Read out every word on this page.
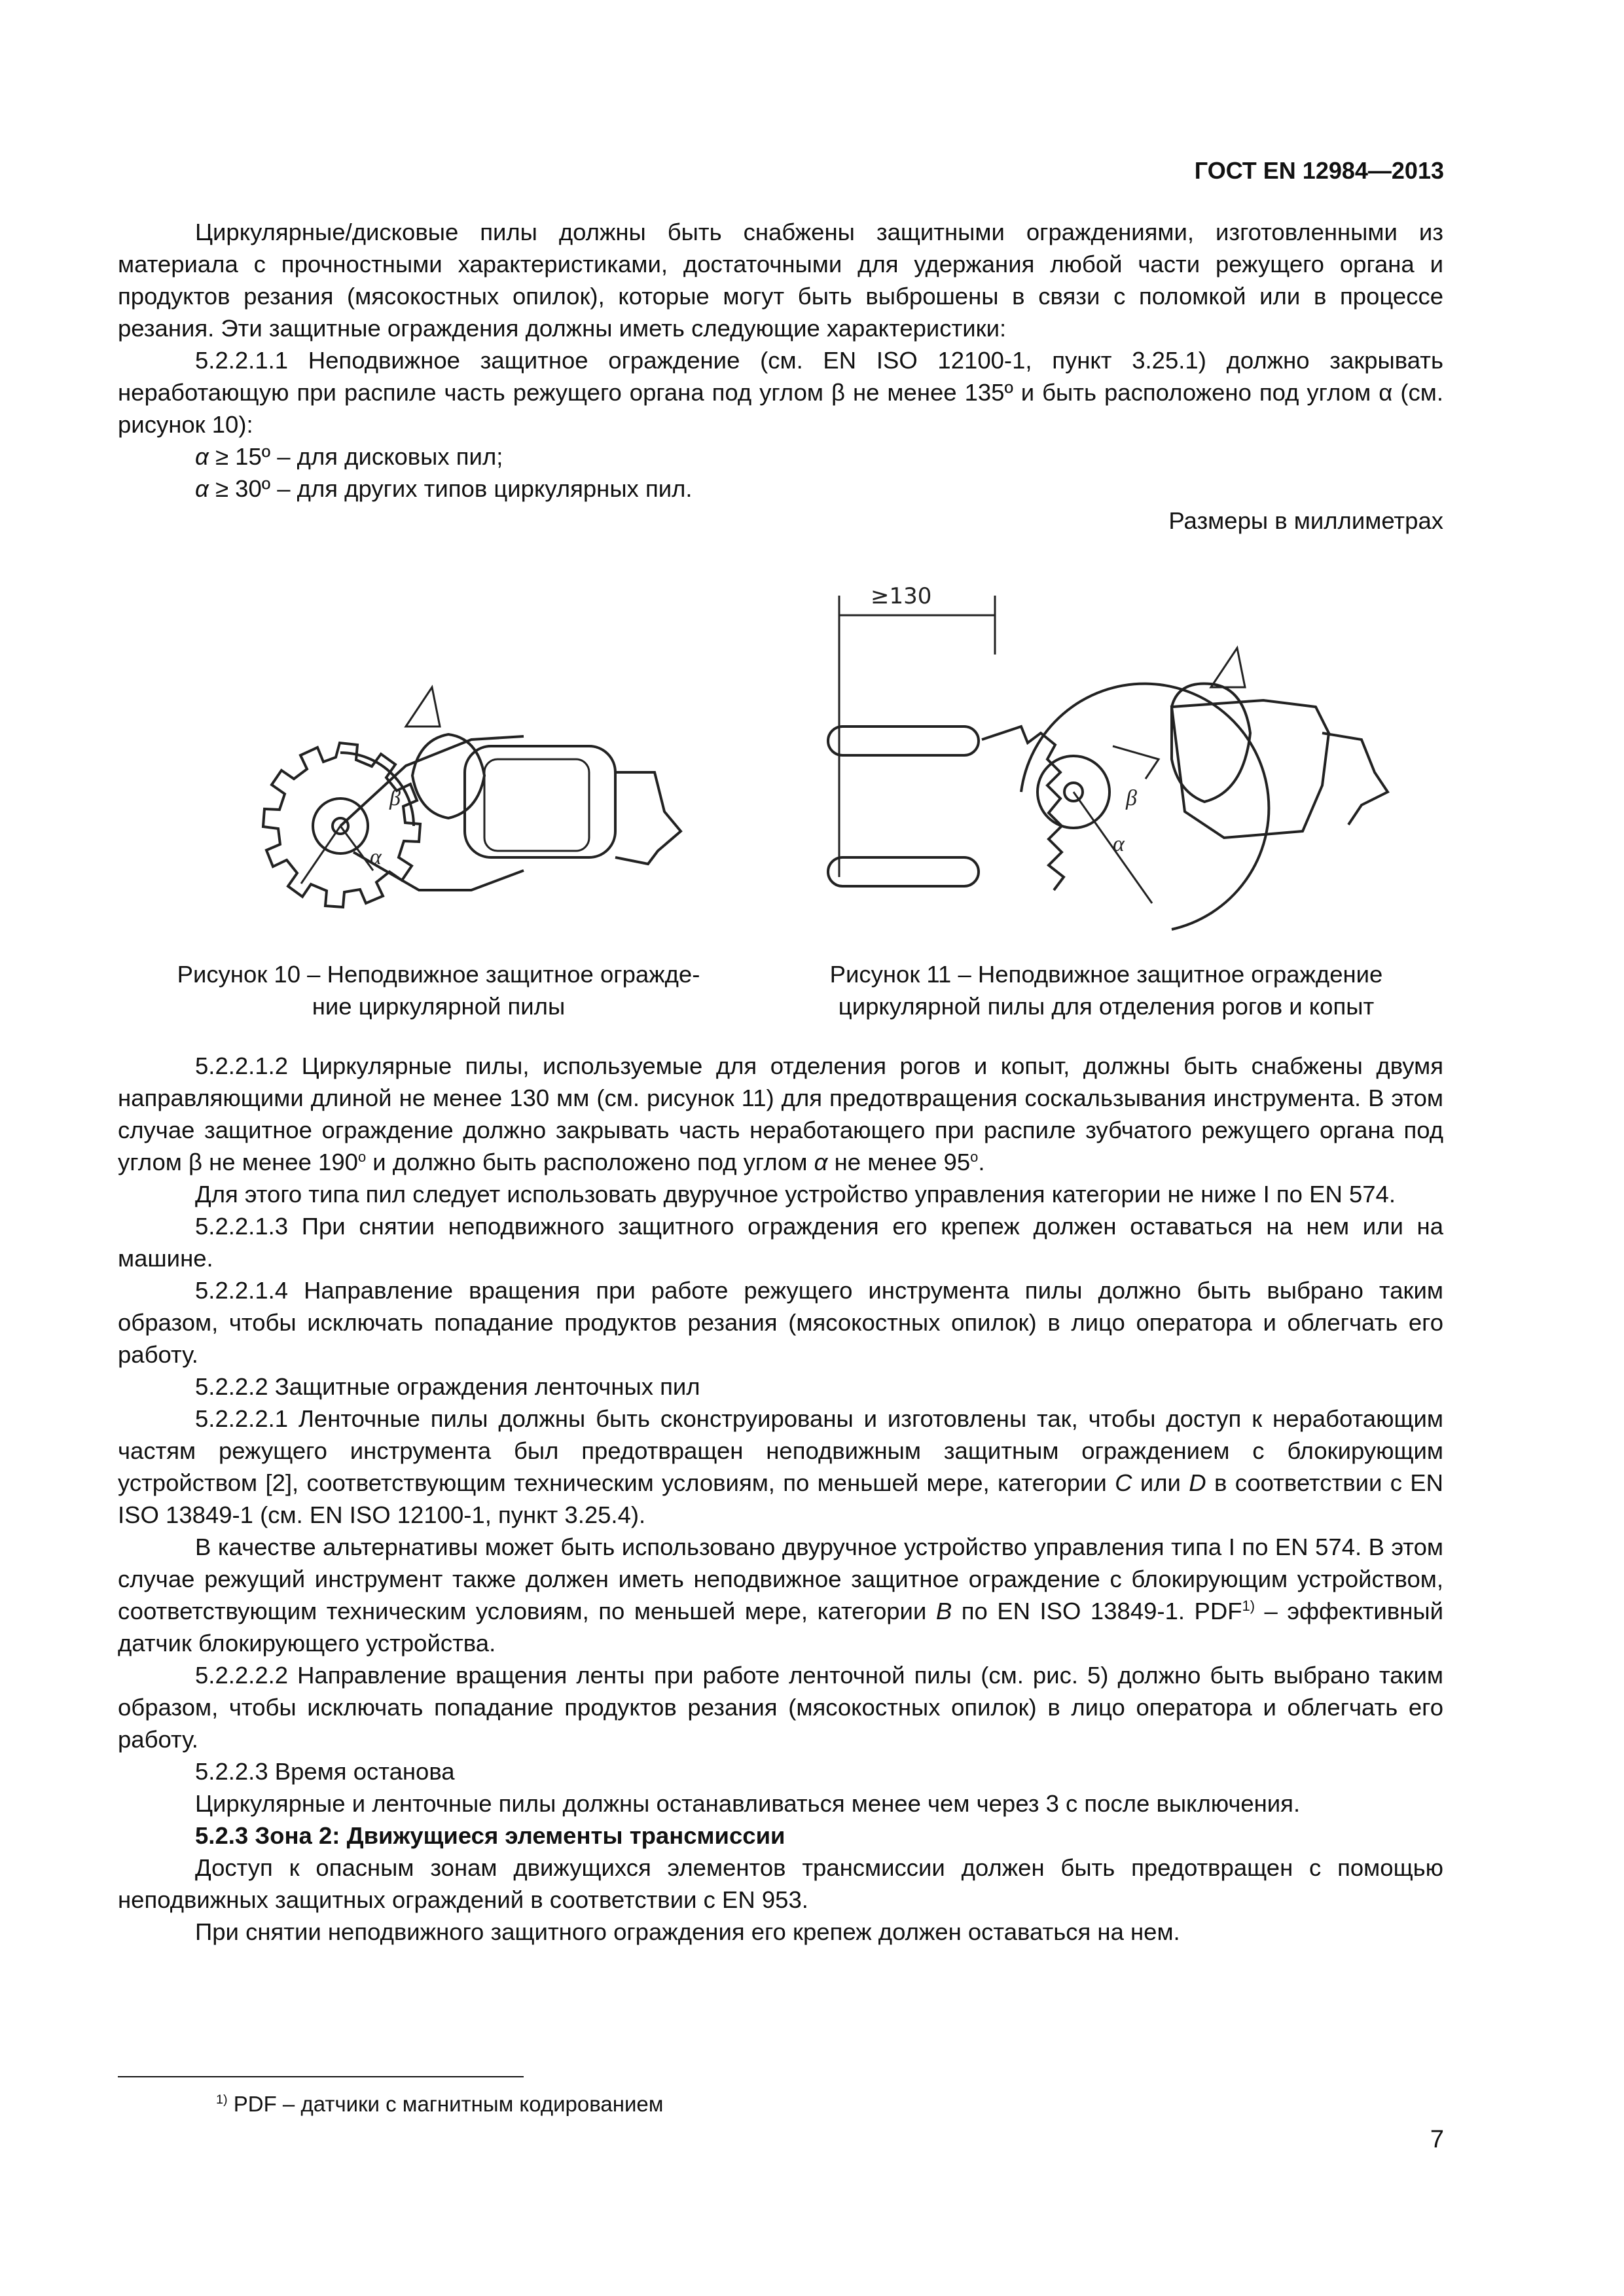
ГОСТ EN 12984—2013

Циркулярные/дисковые пилы должны быть снабжены защитными ограждениями, изготовленными из материала с прочностными характеристиками, достаточными для удержания любой части режущего органа и продуктов резания (мясокостных опилок), которые могут быть выброшены в связи с поломкой или в процессе резания. Эти защитные ограждения должны иметь следующие характеристики:

5.2.2.1.1 Неподвижное защитное ограждение (см. EN ISO 12100-1, пункт 3.25.1) должно закрывать неработающую при распиле часть режущего органа под углом β не менее 135º и быть расположено под углом α (см. рисунок 10):

α ≥ 15º – для дисковых пил;

α ≥ 30º – для других типов циркулярных пил.

Размеры в миллиметрах

α
β
≥130
α
β
Рисунок 10 – Неподвижное защитное огражде-
ние циркулярной пилы
Рисунок 11 – Неподвижное защитное ограждение
циркулярной пилы для отделения рогов и копыт

5.2.2.1.2 Циркулярные пилы, используемые для отделения рогов и копыт, должны быть снабжены двумя направляющими длиной не менее 130 мм (см. рисунок 11) для предотвращения соскальзывания инструмента. В этом случае защитное ограждение должно закрывать часть неработающего при распиле зубчатого режущего органа под углом β не менее $190^о$ и должно быть расположено под углом α не менее $95^о$.

Для этого типа пил следует использовать двуручное устройство управления категории не ниже I по EN 574.

5.2.2.1.3 При снятии неподвижного защитного ограждения его крепеж должен оставаться на нем или на машине.

5.2.2.1.4 Направление вращения при работе режущего инструмента пилы должно быть выбрано таким образом, чтобы исключать попадание продуктов резания (мясокостных опилок) в лицо оператора и облегчать его работу.

5.2.2.2 Защитные ограждения ленточных пил

5.2.2.2.1 Ленточные пилы должны быть сконструированы и изготовлены так, чтобы доступ к неработающим частям режущего инструмента был предотвращен неподвижным защитным ограждением с блокирующим устройством [2], соответствующим техническим условиям, по меньшей мере, категории C или D в соответствии с EN ISO 13849-1 (см. EN ISO 12100-1, пункт 3.25.4).

В качестве альтернативы может быть использовано двуручное устройство управления типа I по EN 574. В этом случае режущий инструмент также должен иметь неподвижное защитное ограждение с блокирующим устройством, соответствующим техническим условиям, по меньшей мере, категории B по EN ISO 13849-1. PDF$^{1)}$ – эффективный датчик блокирующего устройства.

5.2.2.2.2 Направление вращения ленты при работе ленточной пилы (см. рис. 5) должно быть выбрано таким образом, чтобы исключать попадание продуктов резания (мясокостных опилок) в лицо оператора и облегчать его работу.

5.2.2.3 Время останова

Циркулярные и ленточные пилы должны останавливаться менее чем через 3 с после выключения.

5.2.3 Зона 2: Движущиеся элементы трансмиссии

Доступ к опасным зонам движущихся элементов трансмиссии должен быть предотвращен с помощью неподвижных защитных ограждений в соответствии с EN 953.

При снятии неподвижного защитного ограждения его крепеж должен оставаться на нем.

$^{1)}$ PDF – датчики с магнитным кодированием
7
